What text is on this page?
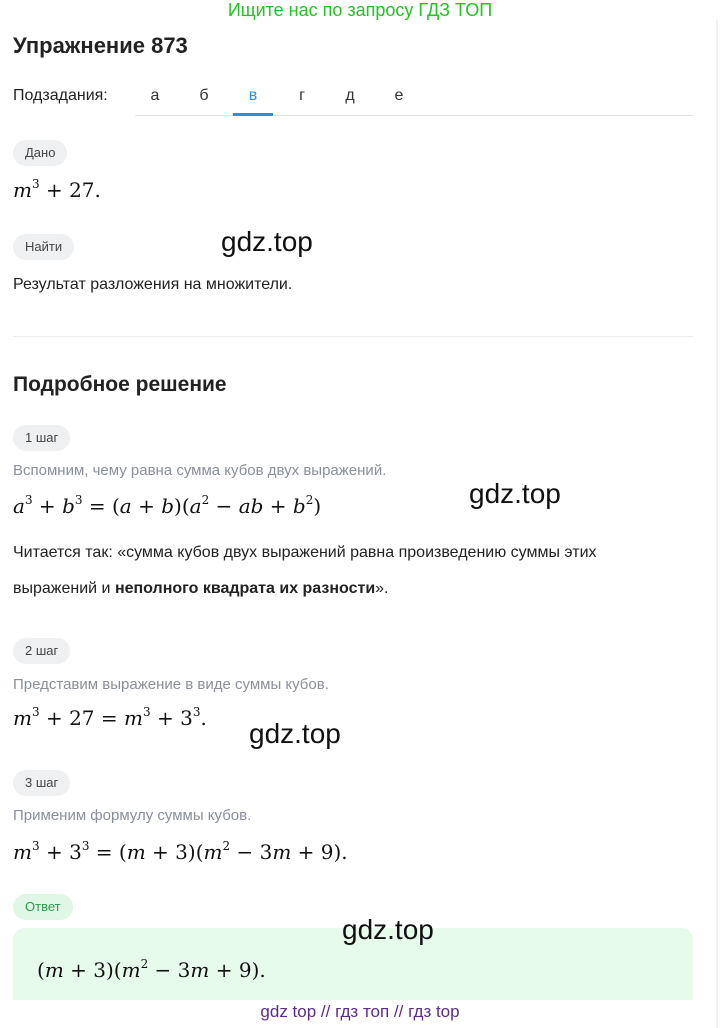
Ищите нас по запросу ГДЗ ТОП
Упражнение 873
Подзадания:	а	б	в	г	д	е
Дано
$m^3 + 27$.
Найти
Результат разложения на множители.
gdz.top
Подробное решение
1 шаг
Вспомним, чему равна сумма кубов двух выражений.
$a^3 + b^3 = (a + b)(a^2$ − ab + $b^2$)	gdz.top
Читается так: «сумма кубов двух выражений равна произведению суммы этих
выражений и неполного квадрата их разности».
2 шаг
Представим выражение в виде суммы кубов.
$m^3 + 27 = m^3 + 3^3$. gdz.top
3 шаг
Применим формулу суммы кубов.
$m^3 + 3^3 = (m + 3)(m^2 - 3m + 9)$.
Ответ
$(m + 3)(m^2 - 3m + 9)$.
gdz.top
gdz top // гдз топ // гдз top
